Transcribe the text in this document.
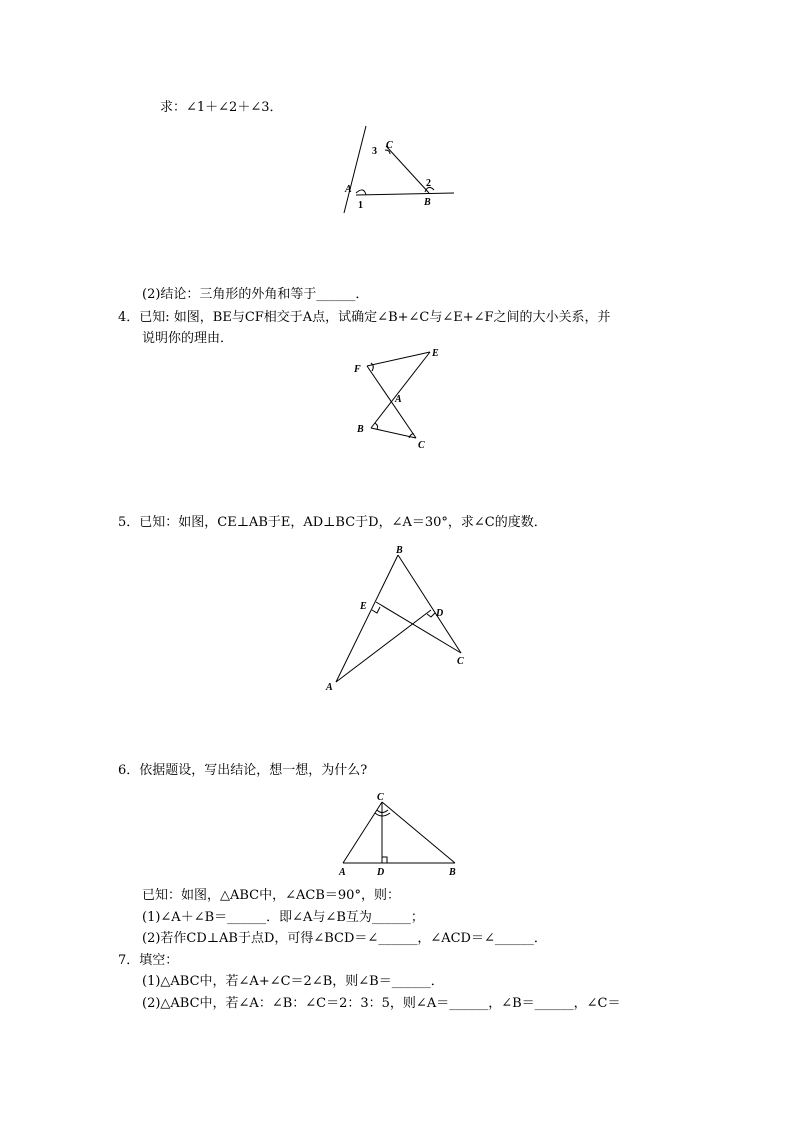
求：∠1＋∠2＋∠3．
C
3
A
1
2
B
(2)结论：三角形的外角和等于______．
4．已知: 如图，BE与CF相交于A点，试确定∠B+∠C与∠E+∠F之间的大小关系，并
说明你的理由．
E
F
A
B
C
5．已知：如图，CE⊥AB于E，AD⊥BC于D，∠A＝30°，求∠C的度数．
B
E
D
C
A
6．依据题设，写出结论，想一想，为什么?
C
A	D	B
已知：如图，△ABC中，∠ACB＝90°，则：
(1)∠A＋∠B＝______．即∠A与∠B互为______；
(2)若作CD⊥AB于点D，可得∠BCD＝∠______，∠ACD＝∠______．
7．填空：
(1)△ABC中，若∠A+∠C＝2∠B，则∠B＝______．
(2)△ABC中，若∠A：∠B：∠C＝2：3：5，则∠A＝______，∠B＝______，∠C＝
